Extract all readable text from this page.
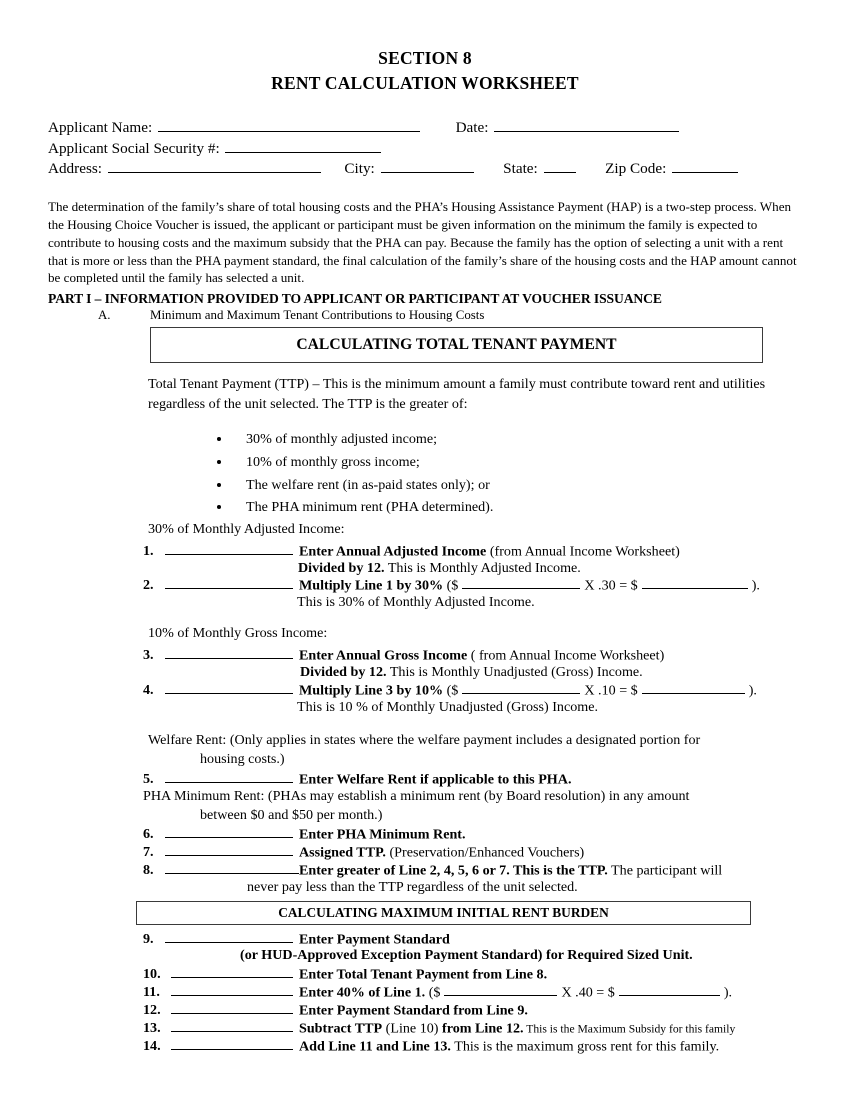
SECTION 8
RENT CALCULATION WORKSHEET
Applicant Name:	Date:
Applicant Social Security #:
Address:	City:	State:	Zip Code:
The determination of the family’s share of total housing costs and the PHA’s Housing Assistance Payment (HAP) is a two-step process. When the Housing Choice Voucher is issued, the applicant or participant must be given information on the minimum the family is expected to contribute to housing costs and the maximum subsidy that the PHA can pay. Because the family has the option of selecting a unit with a rent that is more or less than the PHA payment standard, the final calculation of the family’s share of the housing costs and the HAP amount cannot be completed until the family has selected a unit.
PART I – INFORMATION PROVIDED TO APPLICANT OR PARTICIPANT AT VOUCHER ISSUANCE
A.	Minimum and Maximum Tenant Contributions to Housing Costs
CALCULATING TOTAL TENANT PAYMENT
Total Tenant Payment (TTP) – This is the minimum amount a family must contribute toward rent and utilities regardless of the unit selected. The TTP is the greater of:
• 30% of monthly adjusted income;
• 10% of monthly gross income;
• The welfare rent (in as-paid states only); or
• The PHA minimum rent (PHA determined).
30% of Monthly Adjusted Income:
1.	Enter Annual Adjusted Income (from Annual Income Worksheet)
Divided by 12. This is Monthly Adjusted Income.
2.	Multiply Line 1 by 30% ($	X .30 = $	).
This is 30% of Monthly Adjusted Income.
10% of Monthly Gross Income:
3.	Enter Annual Gross Income ( from Annual Income Worksheet)
Divided by 12. This is Monthly Unadjusted (Gross) Income.
4.	Multiply Line 3 by 10% ($	X .10 = $	).
This is 10 % of Monthly Unadjusted (Gross) Income.
Welfare Rent: (Only applies in states where the welfare payment includes a designated portion for
housing costs.)
5.	Enter Welfare Rent if applicable to this PHA.
PHA Minimum Rent: (PHAs may establish a minimum rent (by Board resolution) in any amount
between $0 and $50 per month.)
6.	Enter PHA Minimum Rent.
7.	Assigned TTP. (Preservation/Enhanced Vouchers)
8.	Enter greater of Line 2, 4, 5, 6 or 7. This is the TTP. The participant will
never pay less than the TTP regardless of the unit selected.
CALCULATING MAXIMUM INITIAL RENT BURDEN
9.	Enter Payment Standard
(or HUD-Approved Exception Payment Standard) for Required Sized Unit.
10.	Enter Total Tenant Payment from Line 8.
11.	Enter 40% of Line 1. ($	X .40 = $	).
12.	Enter Payment Standard from Line 9.
13.	Subtract TTP (Line 10) from Line 12. This is the Maximum Subsidy for this family
14.	Add Line 11 and Line 13. This is the maximum gross rent for this family.
